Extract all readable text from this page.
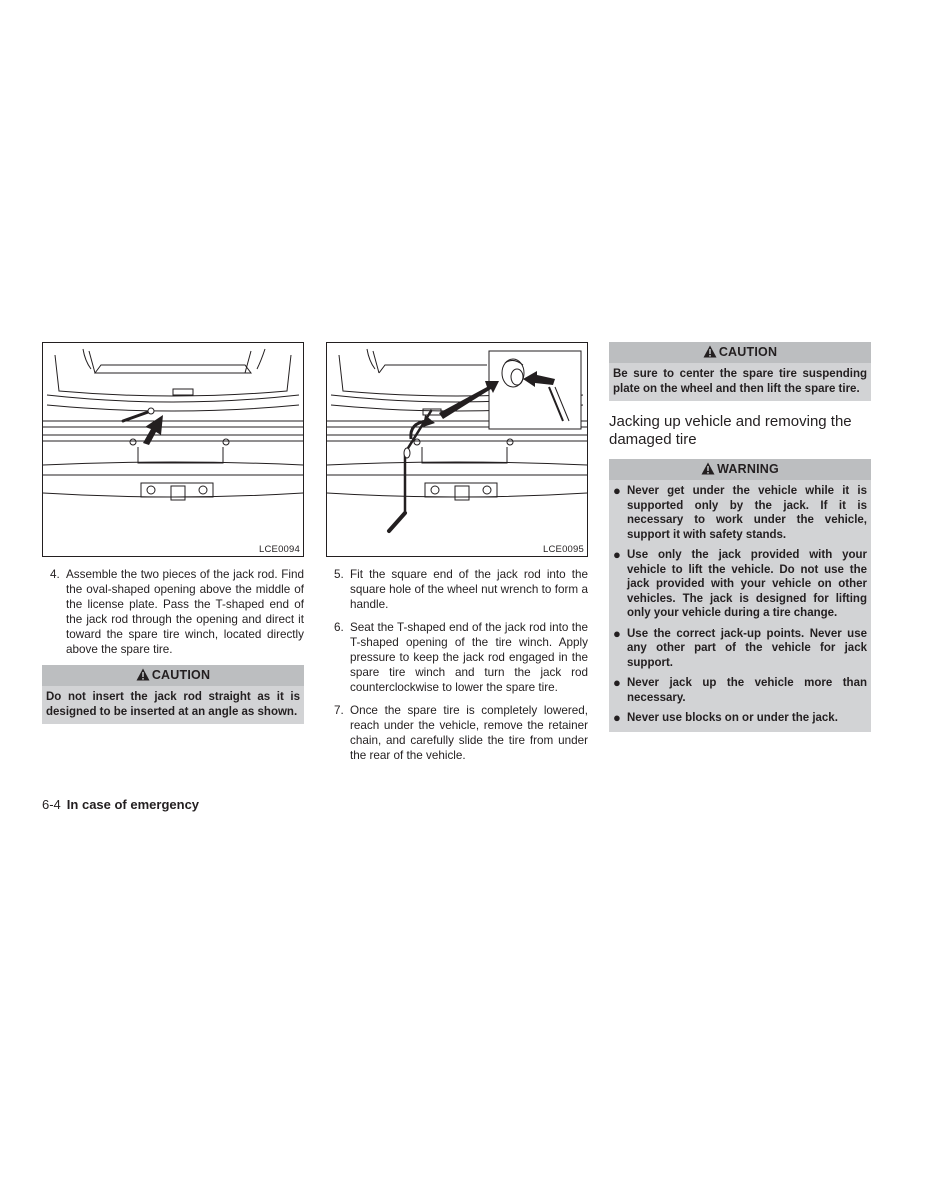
LCE0094
4. Assemble the two pieces of the jack rod. Find the oval-shaped opening above the middle of the license plate. Pass the T-shaped end of the jack rod through the opening and direct it toward the spare tire winch, located directly above the spare tire.
CAUTION
Do not insert the jack rod straight as it is designed to be inserted at an angle as shown.
LCE0095
5. Fit the square end of the jack rod into the square hole of the wheel nut wrench to form a handle.
6. Seat the T-shaped end of the jack rod into the T-shaped opening of the tire winch. Apply pressure to keep the jack rod engaged in the spare tire winch and turn the jack rod counterclockwise to lower the spare tire.
7. Once the spare tire is completely lowered, reach under the vehicle, remove the retainer chain, and carefully slide the tire from under the rear of the vehicle.
CAUTION
Be sure to center the spare tire suspending plate on the wheel and then lift the spare tire.
Jacking up vehicle and removing the damaged tire
WARNING
● Never get under the vehicle while it is supported only by the jack. If it is necessary to work under the vehicle, support it with safety stands.
● Use only the jack provided with your vehicle to lift the vehicle. Do not use the jack provided with your vehicle on other vehicles. The jack is designed for lifting only your vehicle during a tire change.
● Use the correct jack-up points. Never use any other part of the vehicle for jack support.
● Never jack up the vehicle more than necessary.
● Never use blocks on or under the jack.
6-4 In case of emergency
